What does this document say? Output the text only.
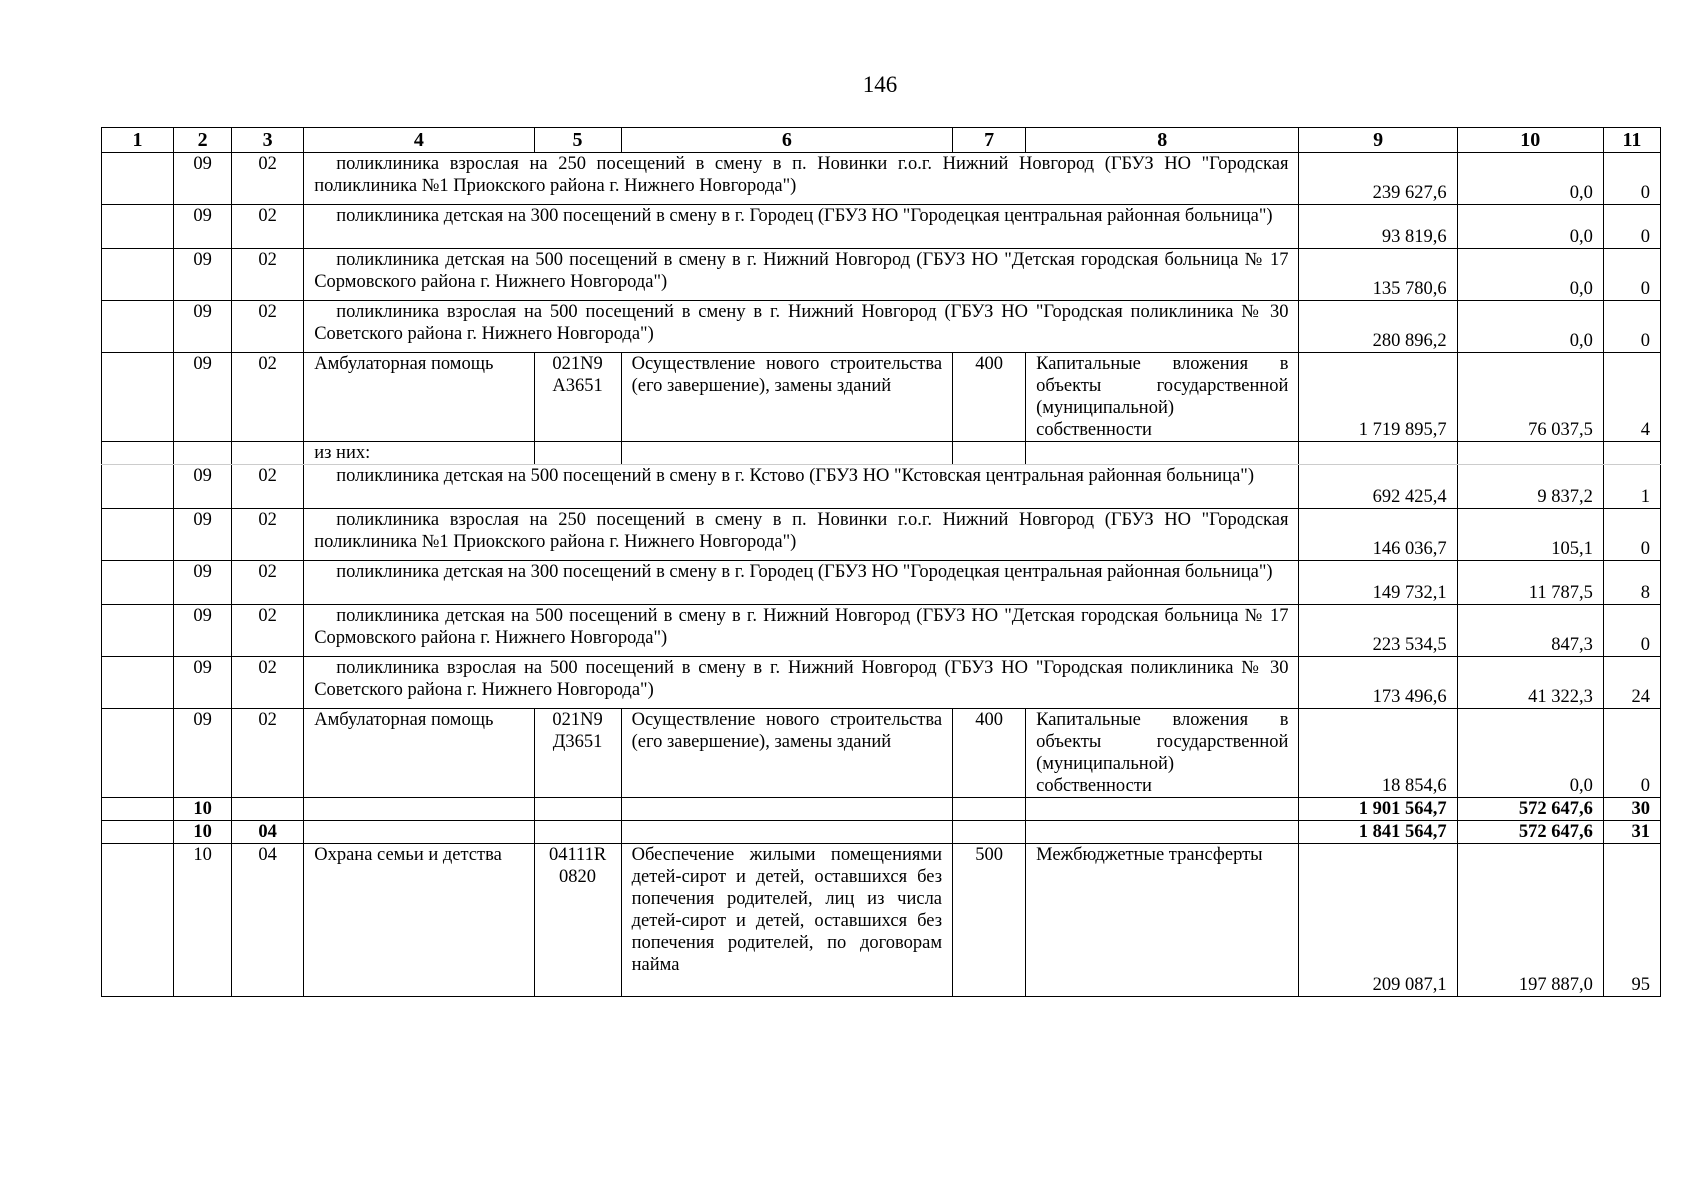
146
1	2	3	4	5	6	7	8	9	10	11
	09	02	поликлиника взрослая на 250 посещений в смену в п. Новинки г.о.г. Нижний Новгород (ГБУЗ НО "Городская поликлиника №1 Приокского района г. Нижнего Новгорода")					239 627,6	0,0	0
	09	02	поликлиника детская на 300 посещений в смену в г. Городец (ГБУЗ НО "Городецкая центральная районная больница")					93 819,6	0,0	0
	09	02	поликлиника детская на 500 посещений в смену в г. Нижний Новгород (ГБУЗ НО "Детская городская больница № 17 Сормовского района г. Нижнего Новгорода")					135 780,6	0,0	0
	09	02	поликлиника взрослая на 500 посещений в смену в г. Нижний Новгород (ГБУЗ НО "Городская поликлиника № 30 Советского района г. Нижнего Новгорода")					280 896,2	0,0	0
	09	02	Амбулаторная помощь	021N9 А3651	Осуществление нового строительства (его завершение), замены зданий	400	Капитальные вложения в объекты государственной (муниципальной) собственности	1 719 895,7	76 037,5	4
			из них:							
	09	02	поликлиника детская на 500 посещений в смену в г. Кстово (ГБУЗ НО "Кстовская центральная районная больница")					692 425,4	9 837,2	1
	09	02	поликлиника взрослая на 250 посещений в смену в п. Новинки г.о.г. Нижний Новгород (ГБУЗ НО "Городская поликлиника №1 Приокского района г. Нижнего Новгорода")					146 036,7	105,1	0
	09	02	поликлиника детская на 300 посещений в смену в г. Городец (ГБУЗ НО "Городецкая центральная районная больница")					149 732,1	11 787,5	8
	09	02	поликлиника детская на 500 посещений в смену в г. Нижний Новгород (ГБУЗ НО "Детская городская больница № 17 Сормовского района г. Нижнего Новгорода")					223 534,5	847,3	0
	09	02	поликлиника взрослая на 500 посещений в смену в г. Нижний Новгород (ГБУЗ НО "Городская поликлиника № 30 Советского района г. Нижнего Новгорода")					173 496,6	41 322,3	24
	09	02	Амбулаторная помощь	021N9 Д3651	Осуществление нового строительства (его завершение), замены зданий	400	Капитальные вложения в объекты государственной (муниципальной) собственности	18 854,6	0,0	0
	10							1 901 564,7	572 647,6	30
	10	04						1 841 564,7	572 647,6	31
	10	04	Охрана семьи и детства	04111R 0820	Обеспечение жилыми помещениями детей-сирот и детей, оставшихся без попечения родителей, лиц из числа детей-сирот и детей, оставшихся без попечения родителей, по договорам найма	500	Межбюджетные трансферты	209 087,1	197 887,0	95
